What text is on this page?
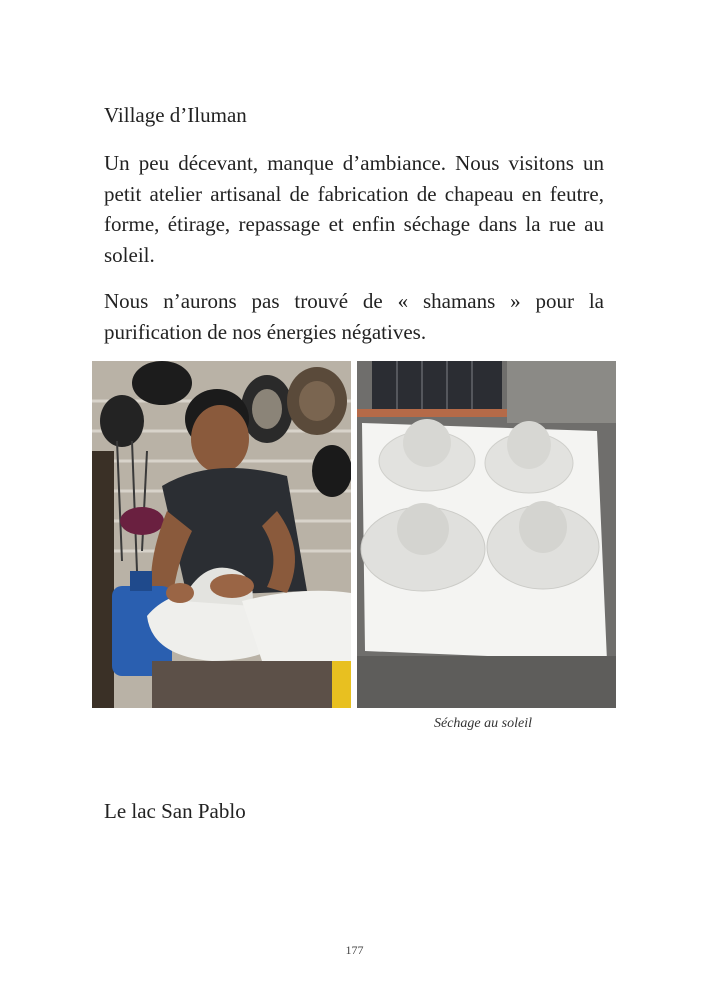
Village d’Iluman

Un peu décevant, manque d’ambiance. Nous visitons un petit atelier artisanal de fabrication de chapeau en feutre, forme, étirage, repassage et enfin séchage dans la rue au soleil.

Nous n’aurons pas trouvé de « shamans » pour la purification de nos énergies négatives.

Séchage au soleil

Le lac San Pablo
177
